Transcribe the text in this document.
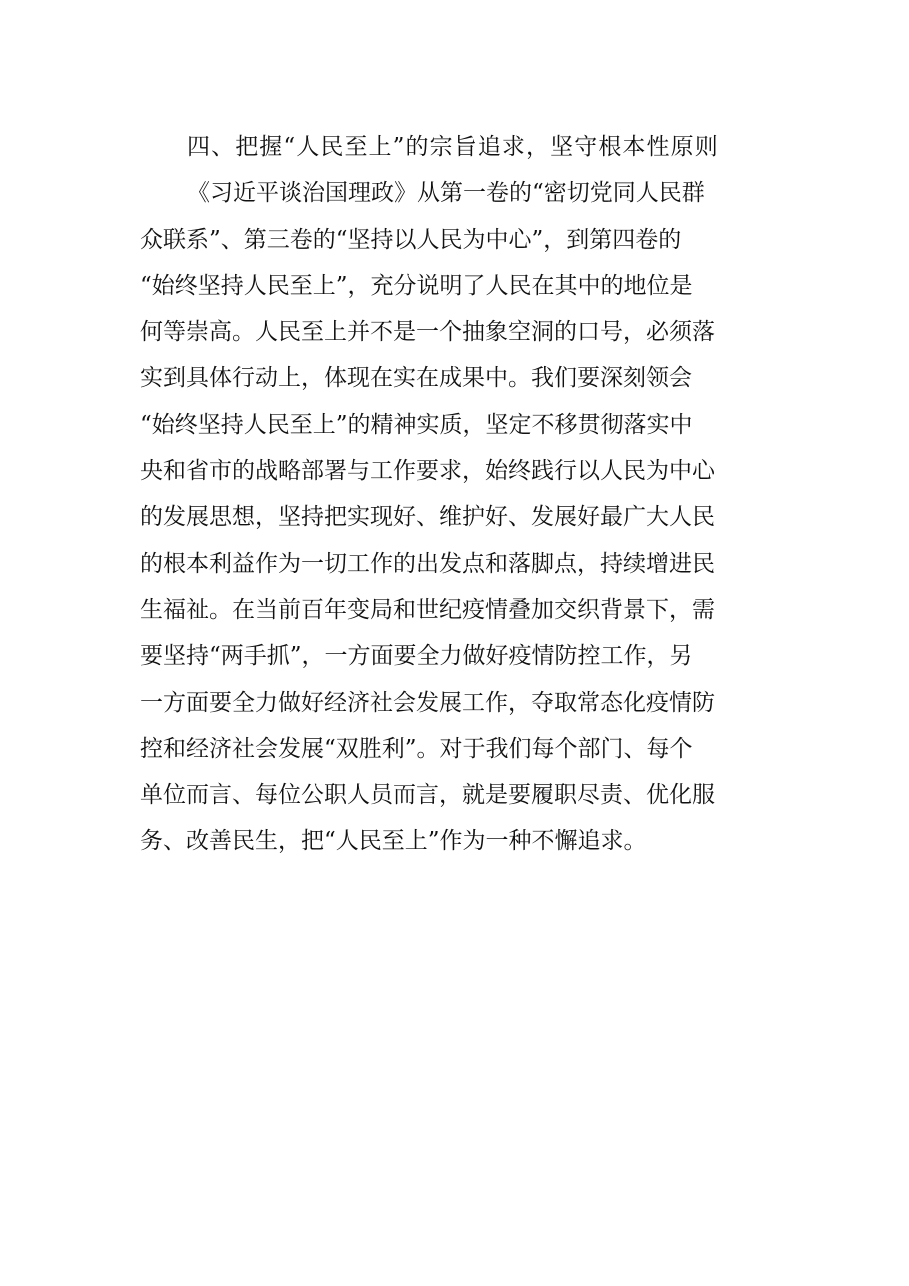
四、把握“人民至上”的宗旨追求，坚守根本性原则
《习近平谈治国理政》从第一卷的“密切党同人民群
众联系”、第三卷的“坚持以人民为中心”，到第四卷的
“始终坚持人民至上”，充分说明了人民在其中的地位是
何等崇高。人民至上并不是一个抽象空洞的口号，必须落
实到具体行动上，体现在实在成果中。我们要深刻领会
“始终坚持人民至上”的精神实质，坚定不移贯彻落实中
央和省市的战略部署与工作要求，始终践行以人民为中心
的发展思想，坚持把实现好、维护好、发展好最广大人民
的根本利益作为一切工作的出发点和落脚点，持续增进民
生福祉。在当前百年变局和世纪疫情叠加交织背景下，需
要坚持“两手抓”，一方面要全力做好疫情防控工作，另
一方面要全力做好经济社会发展工作，夺取常态化疫情防
控和经济社会发展“双胜利”。对于我们每个部门、每个
单位而言、每位公职人员而言，就是要履职尽责、优化服
务、改善民生，把“人民至上”作为一种不懈追求。
